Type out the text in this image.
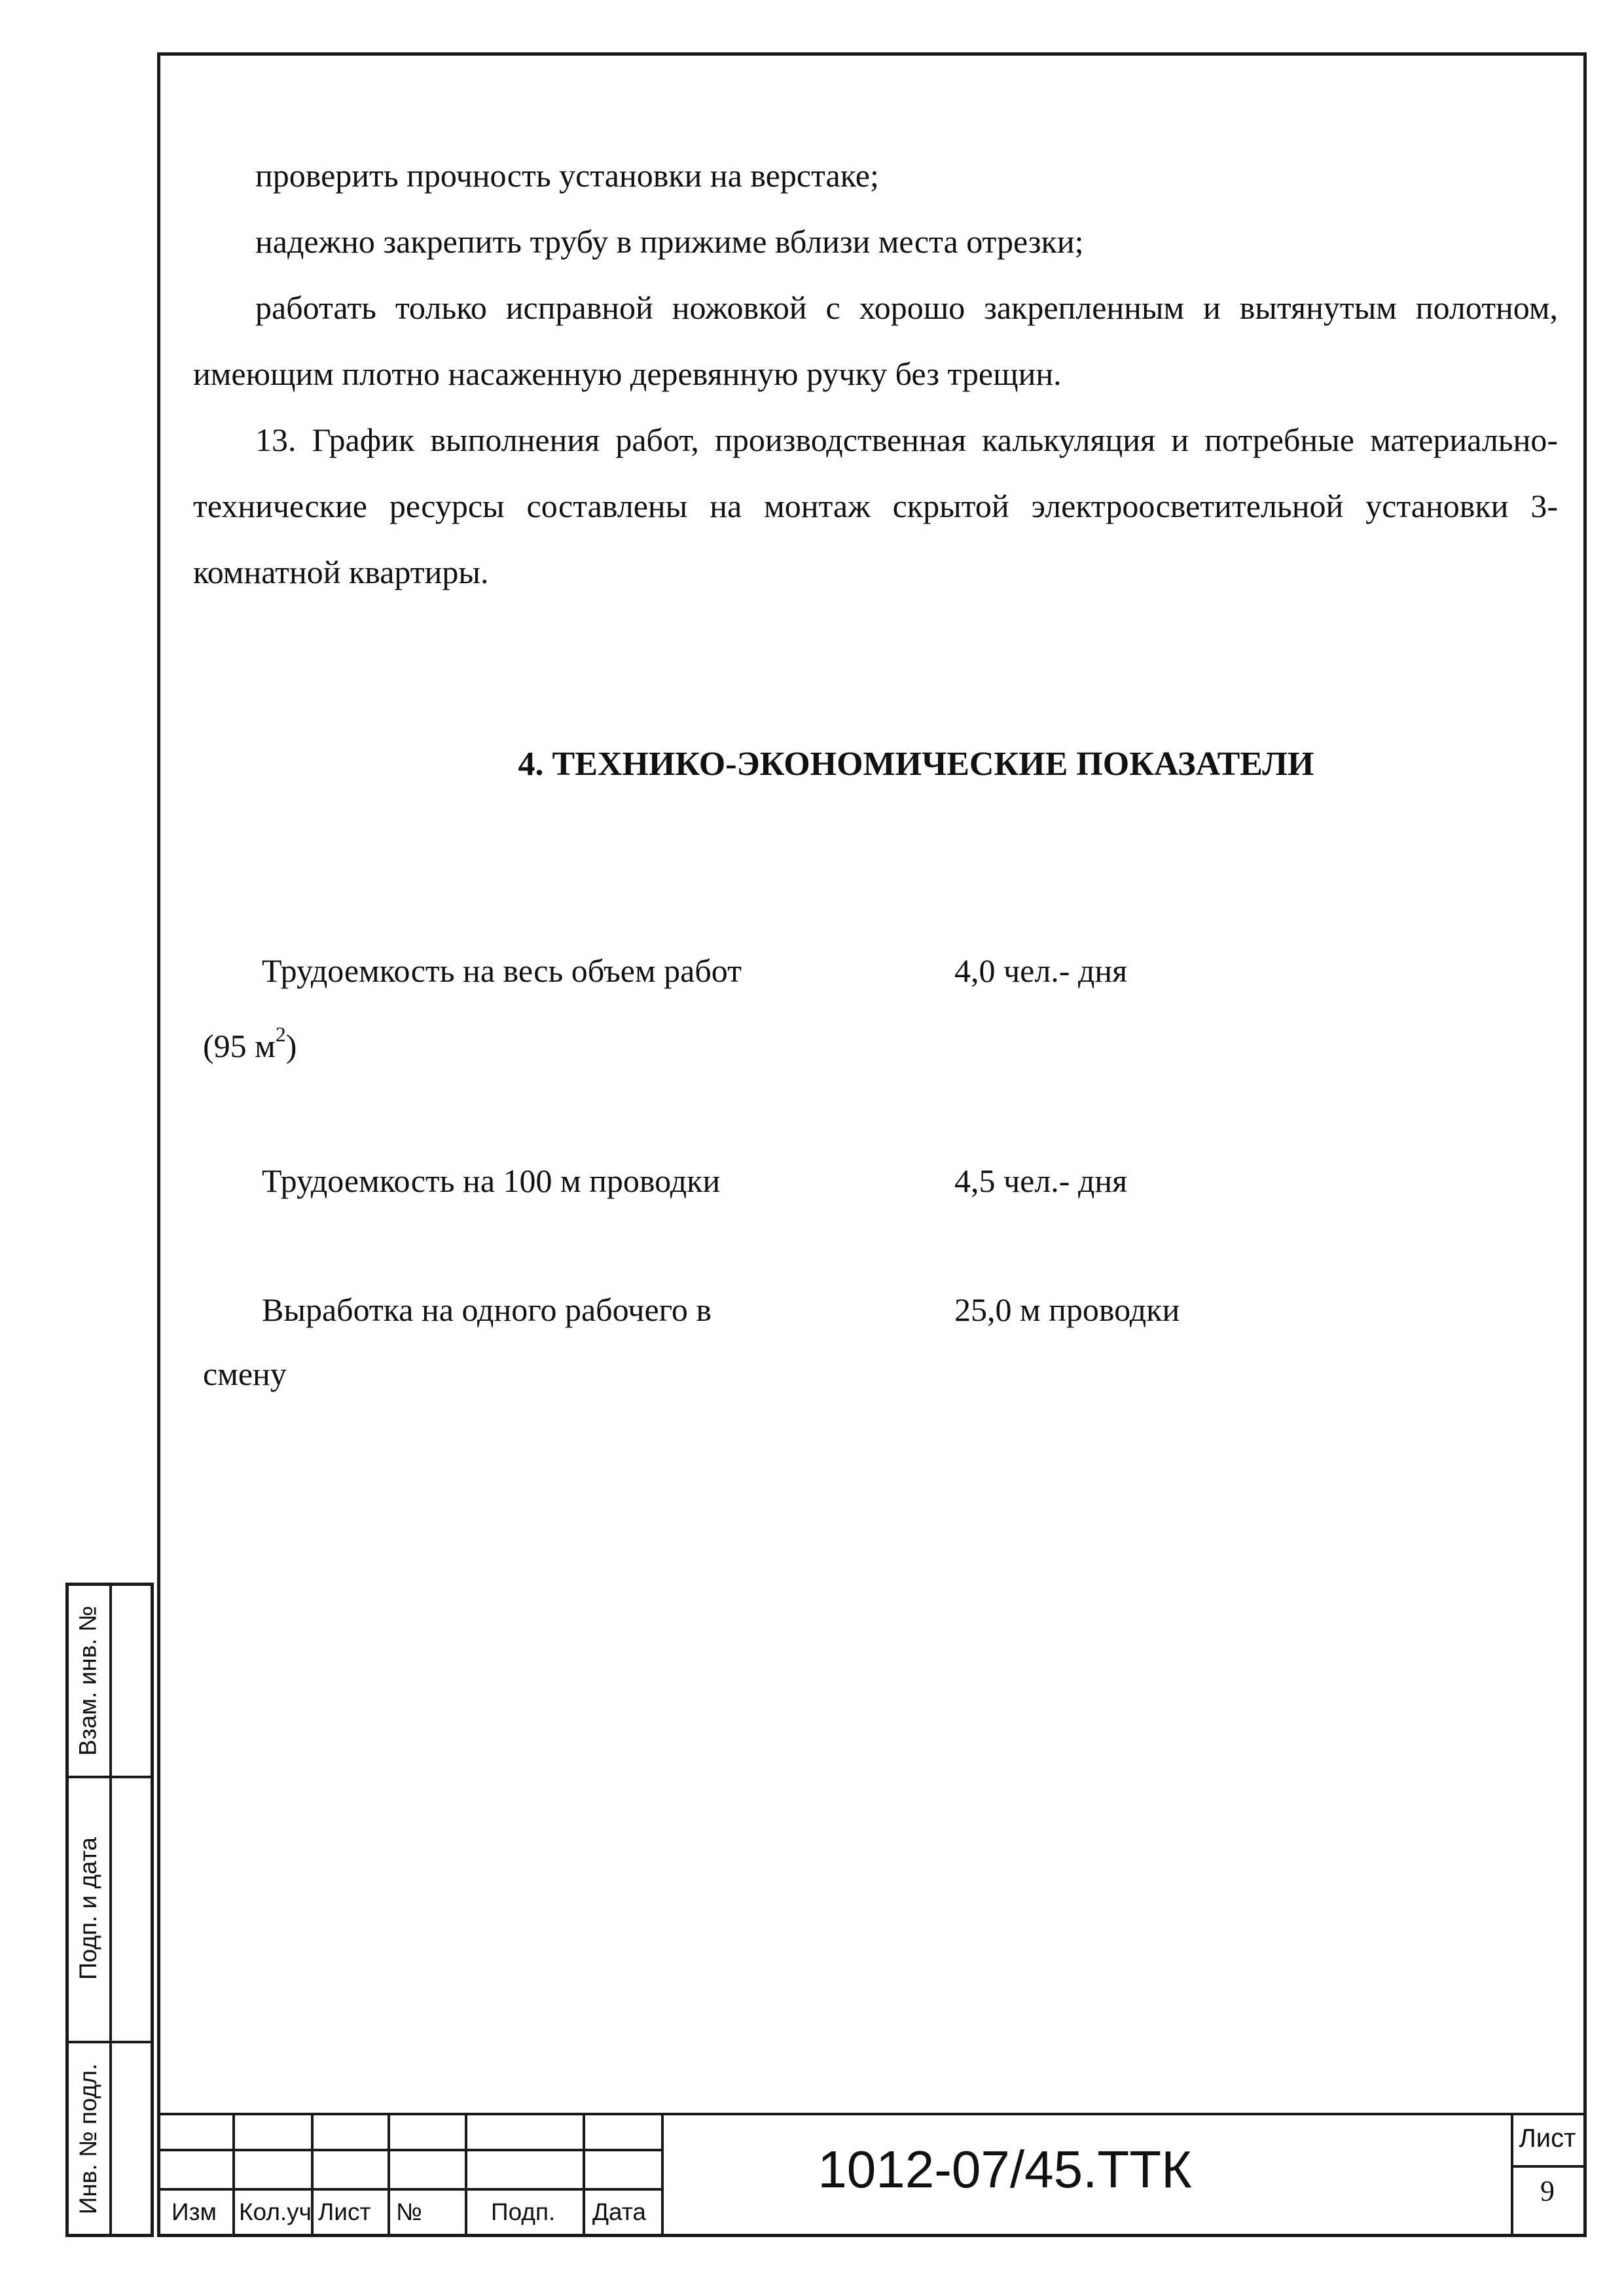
проверить прочность установки на верстаке;

надежно закрепить трубу в прижиме вблизи места отрезки;

работать только исправной ножовкой с хорошо закрепленным и вытянутым полотном, имеющим плотно насаженную деревянную ручку без трещин.

13. График выполнения работ, производственная калькуляция и потребные материально-технические ресурсы составлены на монтаж скрытой электроосветительной установки 3-комнатной квартиры.

4. ТЕХНИКО-ЭКОНОМИЧЕСКИЕ ПОКАЗАТЕЛИ
Трудоемкость на весь объем работ	4,0 чел.- дня
(95 $м^2$)
Трудоемкость на 100 м проводки	4,5 чел.- дня
Выработка на одного рабочего в	25,0 м проводки
смену
Взам. инв. №
Подп. и дата
Инв. № подл.	Изм Кол.уч Лист №	Подп. Дата
1012-07/45.ТТК
Лист
9
